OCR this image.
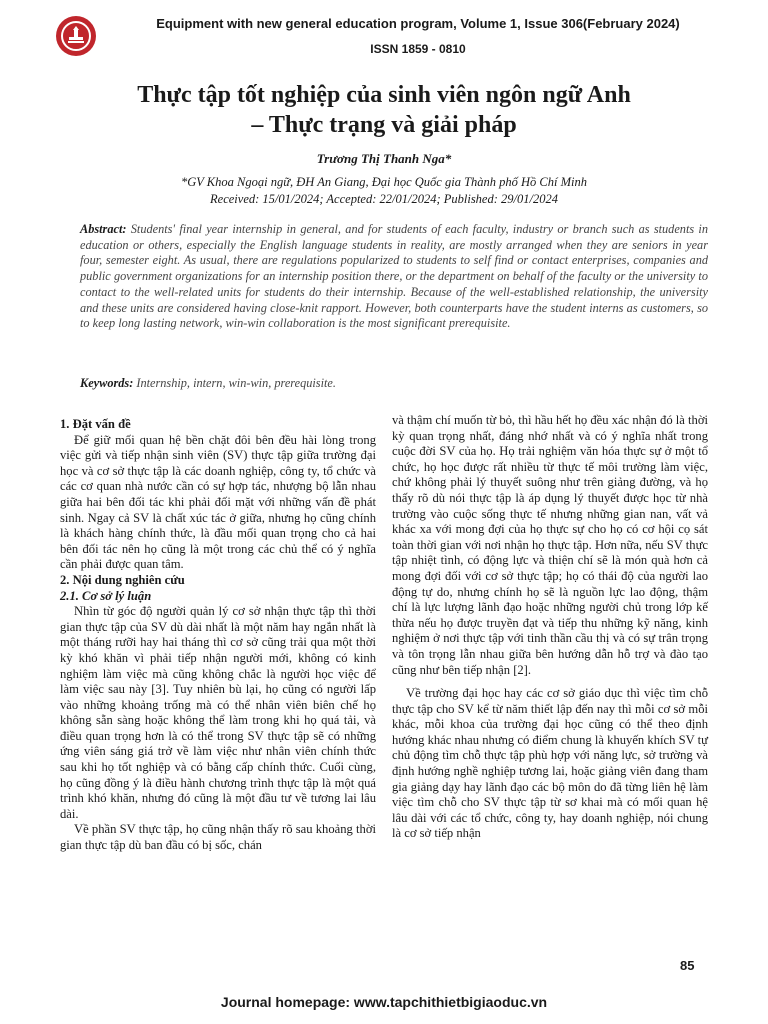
Equipment with new general education program, Volume 1, Issue 306(February 2024)
ISSN 1859 - 0810
Thực tập tốt nghiệp của sinh viên ngôn ngữ Anh
– Thực trạng và giải pháp
Trương Thị Thanh Nga*
*GV Khoa Ngoại ngữ, ĐH An Giang, Đại học Quốc gia Thành phố Hồ Chí Minh
Received: 15/01/2024; Accepted: 22/01/2024; Published: 29/01/2024
Abstract: Students' final year internship in general, and for students of each faculty, industry or branch such as students in education or others, especially the English language students in reality, are mostly arranged when they are seniors in year four, semester eight. As usual, there are regulations popularized to students to self find or contact enterprises, companies and public government organizations for an internship position there, or the department on behalf of the faculty or the university to contact to the well-related units for students do their internship. Because of the well-established relationship, the university and these units are considered having close-knit rapport. However, both counterparts have the student interns as customers, so to keep long lasting network, win-win collaboration is the most significant prerequisite.
Keywords: Internship, intern, win-win, prerequisite.

1. Đặt vấn đề

Để giữ mối quan hệ bền chặt đôi bên đều hài lòng trong việc gửi và tiếp nhận sinh viên (SV) thực tập giữa trường đại học và cơ sở thực tập là các doanh nghiệp, công ty, tổ chức và các cơ quan nhà nước cần có sự hợp tác, nhượng bộ lẫn nhau giữa hai bên đối tác khi phải đối mặt với những vấn đề phát sinh. Ngay cả SV là chất xúc tác ở giữa, nhưng họ cũng chính là khách hàng chính thức, là đầu mối quan trọng cho cả hai bên đối tác nên họ cũng là một trong các chủ thể có ý nghĩa cần phải được quan tâm.

2. Nội dung nghiên cứu

2.1. Cơ sở lý luận

Nhìn từ góc độ người quản lý cơ sở nhận thực tập thì thời gian thực tập của SV dù dài nhất là một năm hay ngắn nhất là một tháng rưỡi hay hai tháng thì cơ sở cũng trải qua một thời kỳ khó khăn vì phải tiếp nhận người mới, không có kinh nghiệm làm việc mà cũng không chắc là người học việc để làm việc sau này [3]. Tuy nhiên bù lại, họ cũng có người lấp vào những khoảng trống mà có thể nhân viên biên chế họ không sẵn sàng hoặc không thể làm trong khi họ quá tải, và điều quan trọng hơn là có thể trong SV thực tập sẽ có những ứng viên sáng giá trở về làm việc như nhân viên chính thức sau khi họ tốt nghiệp và có bằng cấp chính thức. Cuối cùng, họ cũng đồng ý là điều hành chương trình thực tập là một quá trình khó khăn, nhưng đó cũng là một đầu tư về tương lai lâu dài.

Về phần SV thực tập, họ cũng nhận thấy rõ sau khoảng thời gian thực tập dù ban đầu có bị sốc, chán

và thậm chí muốn từ bỏ, thì hầu hết họ đều xác nhận đó là thời kỳ quan trọng nhất, đáng nhớ nhất và có ý nghĩa nhất trong cuộc đời SV của họ. Họ trải nghiệm văn hóa thực sự ở một tổ chức, họ học được rất nhiều từ thực tế môi trường làm việc, chứ không phải lý thuyết suông như trên giảng đường, và họ thấy rõ dù nói thực tập là áp dụng lý thuyết được học từ nhà trường vào cuộc sống thực tế nhưng những gian nan, vất vả khác xa với mong đợi của họ thực sự cho họ có cơ hội cọ sát toàn thời gian với nơi nhận họ thực tập. Hơn nữa, nếu SV thực tập nhiệt tình, có động lực và thiện chí sẽ là món quà hơn cả mong đợi đối với cơ sở thực tập; họ có thái độ của người lao động tự do, nhưng chính họ sẽ là nguồn lực lao động, thậm chí là lực lượng lãnh đạo hoặc những người chủ trong lớp kế thừa nếu họ được truyền đạt và tiếp thu những kỹ năng, kinh nghiệm ở nơi thực tập với tinh thần cầu thị và có sự trân trọng và tôn trọng lẫn nhau giữa bên hướng dẫn hỗ trợ và đào tạo cũng như bên tiếp nhận [2].

Về trường đại học hay các cơ sở giáo dục thì việc tìm chỗ thực tập cho SV kể từ năm thiết lập đến nay thì mỗi cơ sở mỗi khác, mỗi khoa của trường đại học cũng có thể theo định hướng khác nhau nhưng có điểm chung là khuyến khích SV tự chủ động tìm chỗ thực tập phù hợp với năng lực, sở trường và định hướng nghề nghiệp tương lai, hoặc giảng viên đang tham gia giảng dạy hay lãnh đạo các bộ môn do đã từng liên hệ làm việc tìm chỗ cho SV thực tập từ sơ khai mà có mối quan hệ lâu dài với các tổ chức, công ty, hay doanh nghiệp, nói chung là cơ sở tiếp nhận

85
Journal homepage: www.tapchithietbigiaoduc.vn
